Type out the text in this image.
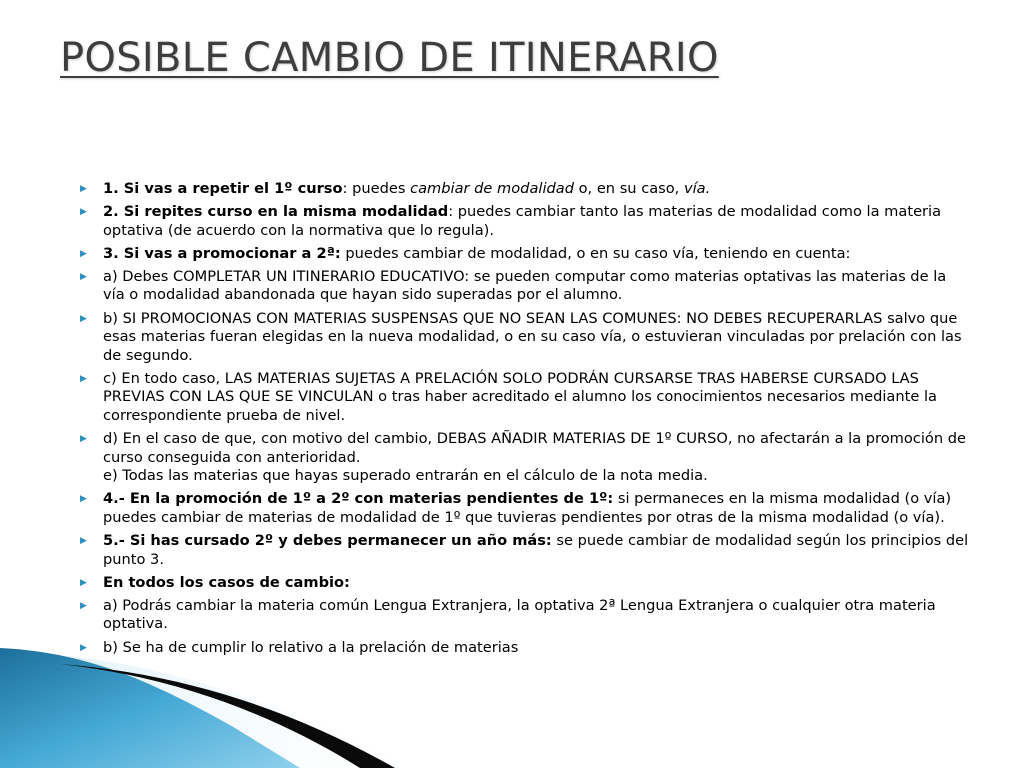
POSIBLE CAMBIO DE ITINERARIO
▶ 1. Si vas a repetir el 1º curso: puedes cambiar de modalidad o, en su caso, vía.
▶ 2. Si repites curso en la misma modalidad: puedes cambiar tanto las materias de modalidad como la materia optativa (de acuerdo con la normativa que lo regula).
▶ 3. Si vas a promocionar a 2ª: puedes cambiar de modalidad, o en su caso vía, teniendo en cuenta:
▶ a) Debes COMPLETAR UN ITINERARIO EDUCATIVO: se pueden computar como materias optativas las materias de la vía o modalidad abandonada que hayan sido superadas por el alumno.
▶ b) SI PROMOCIONAS CON MATERIAS SUSPENSAS QUE NO SEAN LAS COMUNES: NO DEBES RECUPERARLAS salvo que esas materias fueran elegidas en la nueva modalidad, o en su caso vía, o estuvieran vinculadas por prelación con las de segundo.
▶ c) En todo caso, LAS MATERIAS SUJETAS A PRELACIÓN SOLO PODRÁN CURSARSE TRAS HABERSE CURSADO LAS PREVIAS CON LAS QUE SE VINCULAN o tras haber acreditado el alumno los conocimientos necesarios mediante la correspondiente prueba de nivel.
▶ d) En el caso de que, con motivo del cambio, DEBAS AÑADIR MATERIAS DE 1º CURSO, no afectarán a la promoción de curso conseguida con anterioridad.
e) Todas las materias que hayas superado entrarán en el cálculo de la nota media.
▶ 4.- En la promoción de 1º a 2º con materias pendientes de 1º: si permaneces en la misma modalidad (o vía) puedes cambiar de materias de modalidad de 1º que tuvieras pendientes por otras de la misma modalidad (o vía).
▶ 5.- Si has cursado 2º y debes permanecer un año más: se puede cambiar de modalidad según los principios del punto 3.
▶ En todos los casos de cambio:
▶ a) Podrás cambiar la materia común Lengua Extranjera, la optativa 2ª Lengua Extranjera o cualquier otra materia optativa.
▶ b) Se ha de cumplir lo relativo a la prelación de materias
